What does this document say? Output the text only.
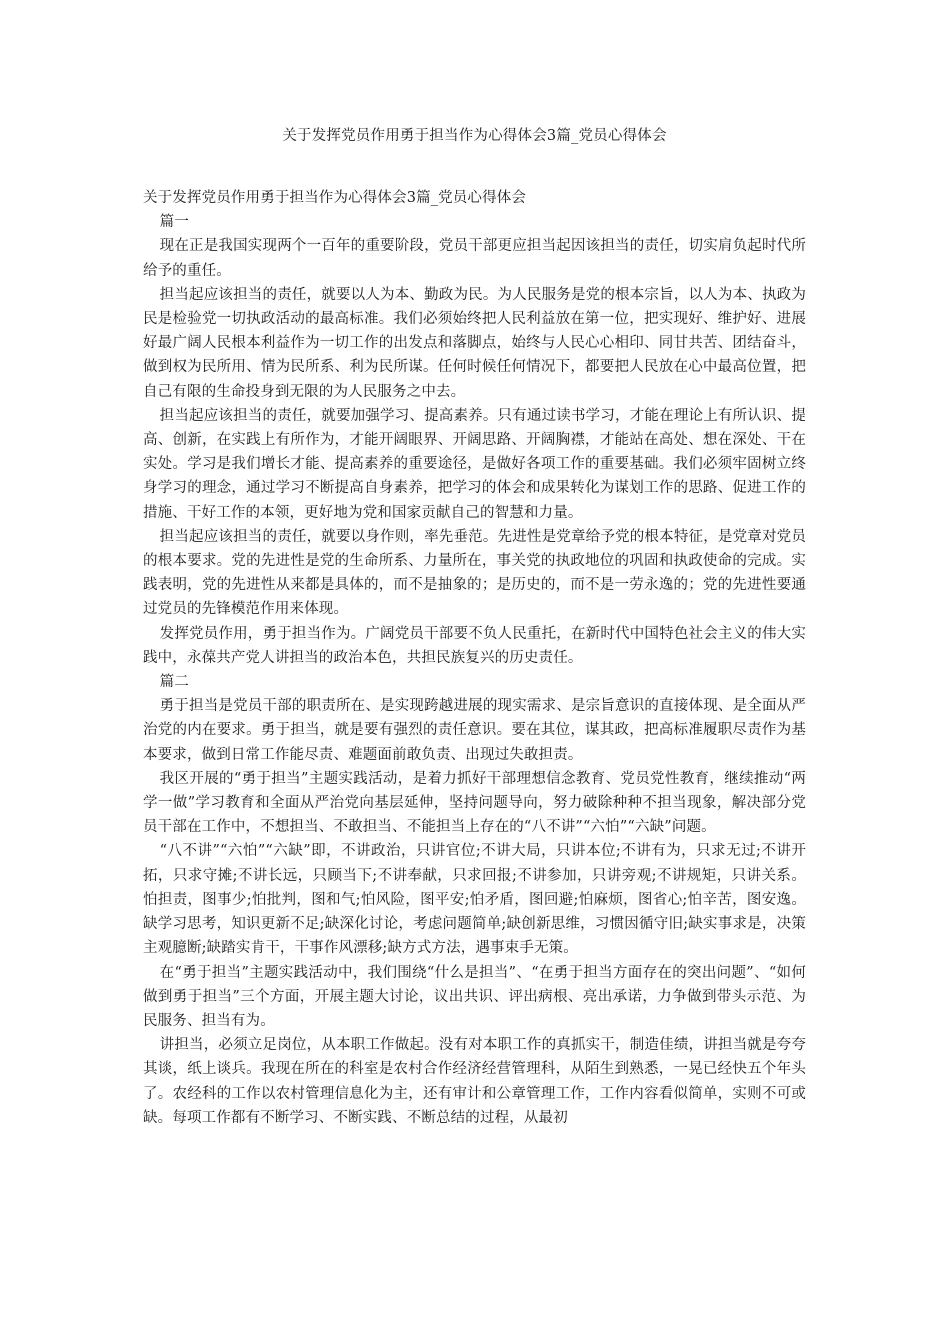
关于发挥党员作用勇于担当作为心得体会3篇_党员心得体会

关于发挥党员作用勇于担当作为心得体会3篇_党员心得体会

篇一

现在正是我国实现两个一百年的重要阶段，党员干部更应担当起因该担当的责任，切实肩负起时代所给予的重任。

担当起应该担当的责任，就要以人为本、勤政为民。为人民服务是党的根本宗旨，以人为本、执政为民是检验党一切执政活动的最高标准。我们必须始终把人民利益放在第一位，把实现好、维护好、进展好最广阔人民根本利益作为一切工作的出发点和落脚点，始终与人民心心相印、同甘共苦、团结奋斗，做到权为民所用、情为民所系、利为民所谋。任何时候任何情况下，都要把人民放在心中最高位置，把自己有限的生命投身到无限的为人民服务之中去。

担当起应该担当的责任，就要加强学习、提高素养。只有通过读书学习，才能在理论上有所认识、提高、创新，在实践上有所作为，才能开阔眼界、开阔思路、开阔胸襟，才能站在高处、想在深处、干在实处。学习是我们增长才能、提高素养的重要途径，是做好各项工作的重要基础。我们必须牢固树立终身学习的理念，通过学习不断提高自身素养，把学习的体会和成果转化为谋划工作的思路、促进工作的措施、干好工作的本领，更好地为党和国家贡献自己的智慧和力量。

担当起应该担当的责任，就要以身作则，率先垂范。先进性是党章给予党的根本特征，是党章对党员的根本要求。党的先进性是党的生命所系、力量所在，事关党的执政地位的巩固和执政使命的完成。实践表明，党的先进性从来都是具体的，而不是抽象的；是历史的，而不是一劳永逸的；党的先进性要通过党员的先锋模范作用来体现。

发挥党员作用，勇于担当作为。广阔党员干部要不负人民重托，在新时代中国特色社会主义的伟大实践中，永葆共产党人讲担当的政治本色，共担民族复兴的历史责任。

篇二

勇于担当是党员干部的职责所在、是实现跨越进展的现实需求、是宗旨意识的直接体现、是全面从严治党的内在要求。勇于担当，就是要有强烈的责任意识。要在其位，谋其政，把高标准履职尽责作为基本要求，做到日常工作能尽责、难题面前敢负责、出现过失敢担责。

我区开展的“勇于担当”主题实践活动，是着力抓好干部理想信念教育、党员党性教育，继续推动“两学一做”学习教育和全面从严治党向基层延伸，坚持问题导向，努力破除种种不担当现象，解决部分党员干部在工作中，不想担当、不敢担当、不能担当上存在的“八不讲”“六怕”“六缺”问题。

“八不讲”“六怕”“六缺”即，不讲政治，只讲官位;不讲大局，只讲本位;不讲有为，只求无过;不讲开拓，只求守摊;不讲长远，只顾当下;不讲奉献，只求回报;不讲参加，只讲旁观;不讲规矩，只讲关系。怕担责，图事少;怕批判，图和气;怕风险，图平安;怕矛盾，图回避;怕麻烦，图省心;怕辛苦，图安逸。缺学习思考，知识更新不足;缺深化讨论，考虑问题简单;缺创新思维，习惯因循守旧;缺实事求是，决策主观臆断;缺踏实肯干，干事作风漂移;缺方式方法，遇事束手无策。

在“勇于担当”主题实践活动中，我们围绕“什么是担当”、“在勇于担当方面存在的突出问题”、“如何做到勇于担当”三个方面，开展主题大讨论，议出共识、评出病根、亮出承诺，力争做到带头示范、为民服务、担当有为。

讲担当，必须立足岗位，从本职工作做起。没有对本职工作的真抓实干，制造佳绩，讲担当就是夸夸其谈，纸上谈兵。我现在所在的科室是农村合作经济经营管理科，从陌生到熟悉，一晃已经快五个年头了。农经科的工作以农村管理信息化为主，还有审计和公章管理工作，工作内容看似简单，实则不可或缺。每项工作都有不断学习、不断实践、不断总结的过程，从最初
